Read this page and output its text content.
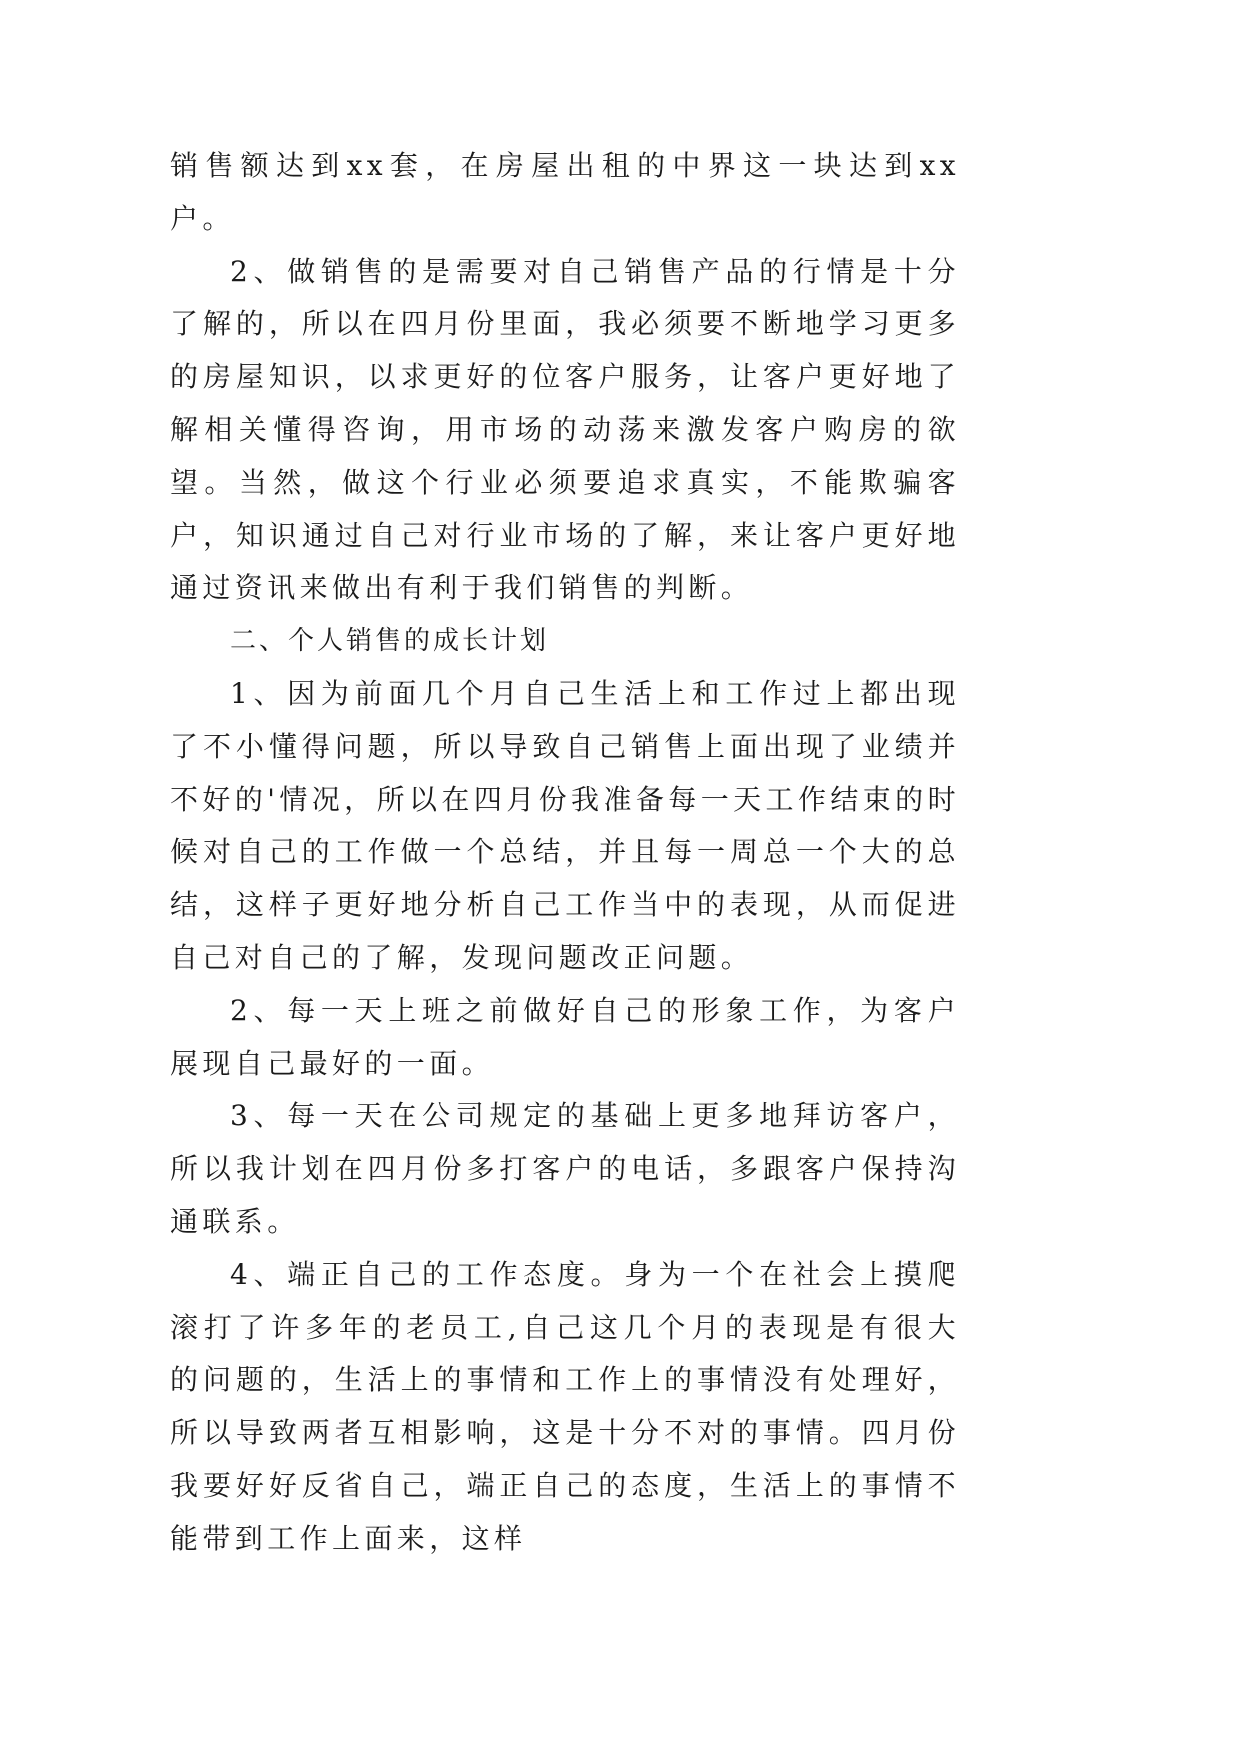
销售额达到xx套，在房屋出租的中界这一块达到xx户。

2、做销售的是需要对自己销售产品的行情是十分了解的，所以在四月份里面，我必须要不断地学习更多的房屋知识，以求更好的位客户服务，让客户更好地了解相关懂得咨询，用市场的动荡来激发客户购房的欲望。当然，做这个行业必须要追求真实，不能欺骗客户，知识通过自己对行业市场的了解，来让客户更好地通过资讯来做出有利于我们销售的判断。

二、个人销售的成长计划

1、因为前面几个月自己生活上和工作过上都出现了不小懂得问题，所以导致自己销售上面出现了业绩并不好的'情况，所以在四月份我准备每一天工作结束的时候对自己的工作做一个总结，并且每一周总一个大的总结，这样子更好地分析自己工作当中的表现，从而促进自己对自己的了解，发现问题改正问题。

2、每一天上班之前做好自己的形象工作，为客户展现自己最好的一面。

3、每一天在公司规定的基础上更多地拜访客户，所以我计划在四月份多打客户的电话，多跟客户保持沟通联系。

4、端正自己的工作态度。身为一个在社会上摸爬滚打了许多年的老员工,自己这几个月的表现是有很大的问题的，生活上的事情和工作上的事情没有处理好，所以导致两者互相影响，这是十分不对的事情。四月份我要好好反省自己，端正自己的态度，生活上的事情不能带到工作上面来，这样
